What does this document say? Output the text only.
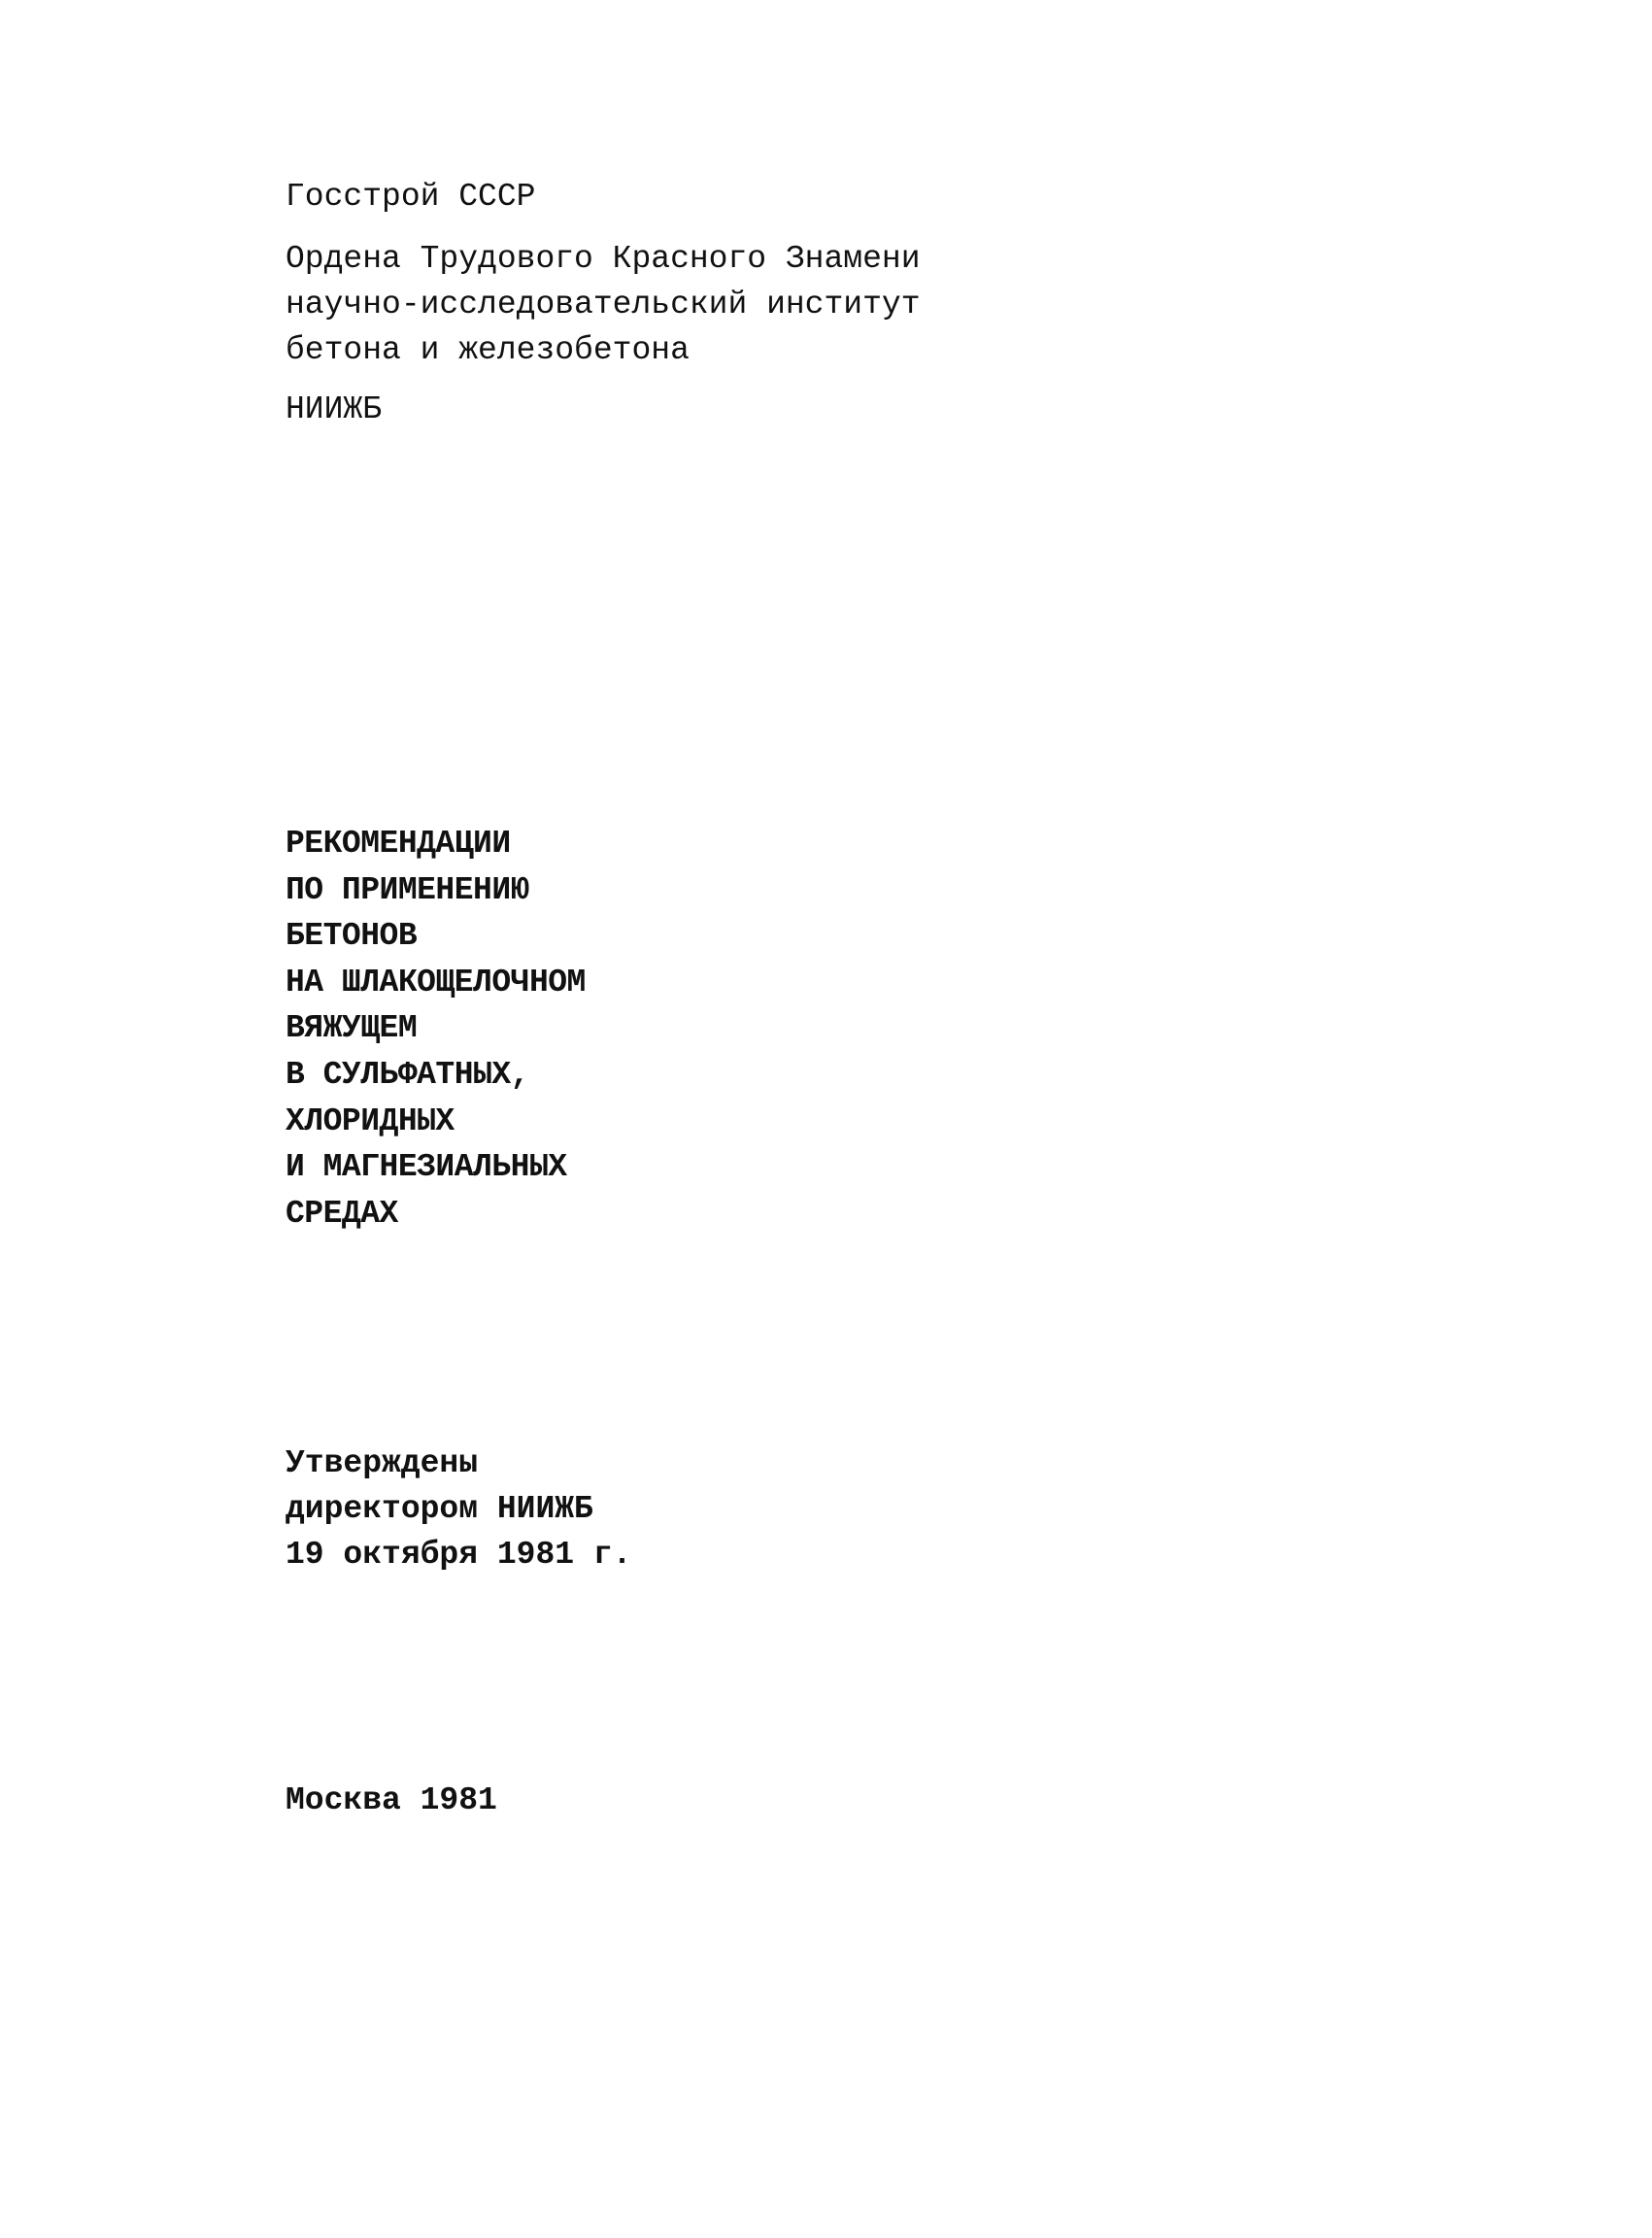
Госстрой СССР
Ордена Трудового Красного Знамени
научно-исследовательский институт
бетона и железобетона
НИИЖБ
РЕКОМЕНДАЦИИ
ПО ПРИМЕНЕНИЮ
БЕТОНОВ
НА ШЛАКОЩЕЛОЧНОМ
ВЯЖУЩЕМ
В СУЛЬФАТНЫХ,
ХЛОРИДНЫХ
И МАГНЕЗИАЛЬНЫХ
СРЕДАХ
Утверждены
директором НИИЖБ
19 октября 1981 г.
Москва 1981
